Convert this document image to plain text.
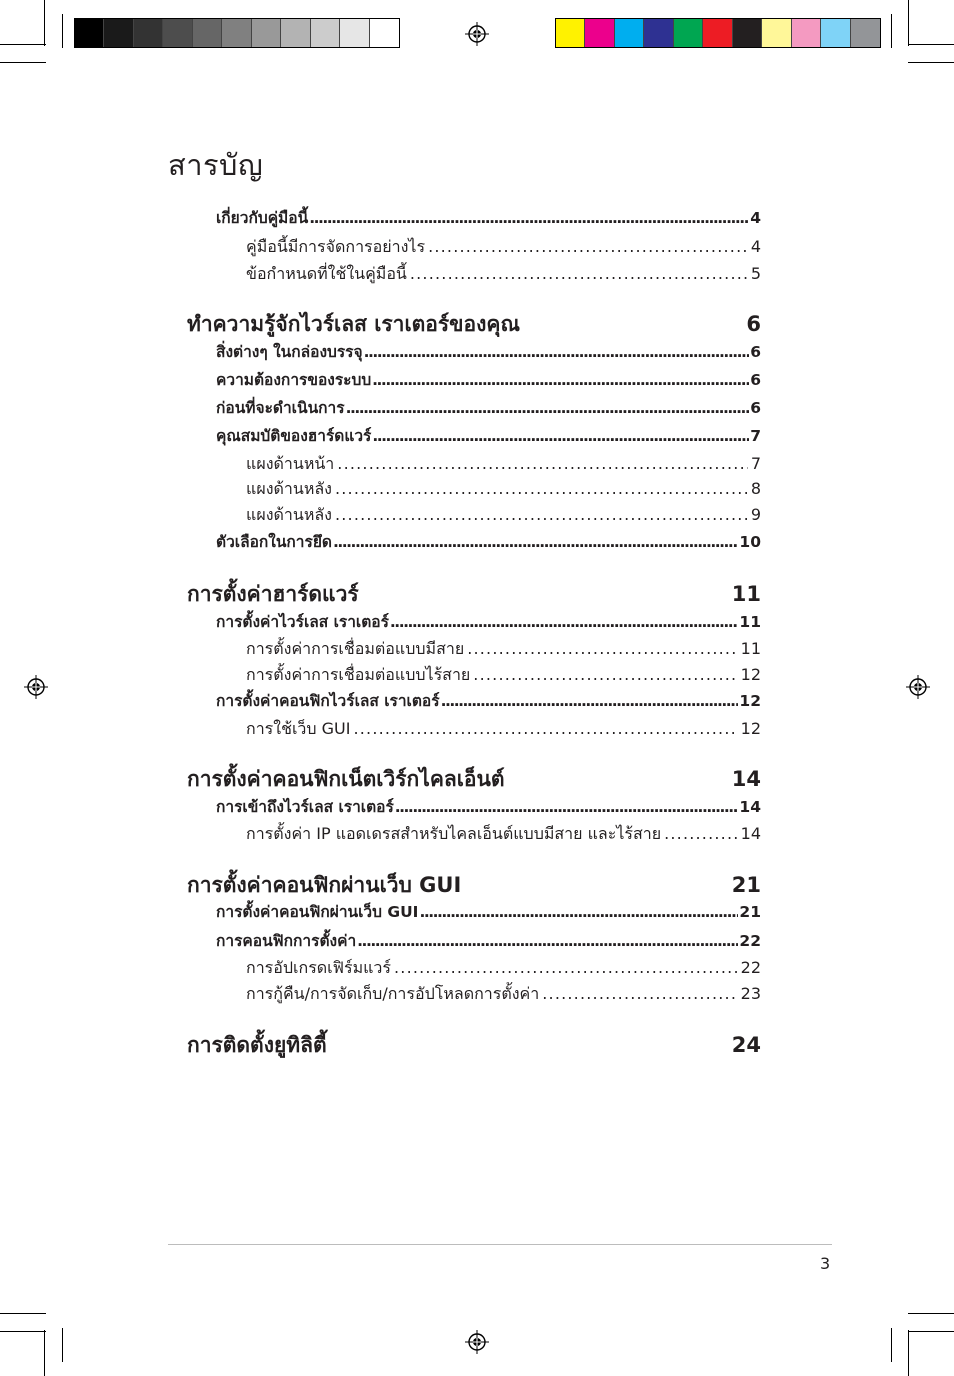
สารบัญ
เกี่ยวกับคู่มือนี้ .....	4
คู่มือนี้มีการจัดการอย่างไร .....	4
ข้อกำหนดที่ใช้ในคู่มือนี้ .....	5
ทำความรู้จักไวร์เลส เราเตอร์ของคุณ	6
สิ่งต่างๆ ในกล่องบรรจุ .....	6
ความต้องการของระบบ .....	6
ก่อนที่จะดำเนินการ .....	6
คุณสมบัติของฮาร์ดแวร์ .....	7
แผงด้านหน้า .....	7
แผงด้านหลัง .....	8
แผงด้านหลัง .....	9
ตัวเลือกในการยึด .....	10
การตั้งค่าฮาร์ดแวร์	11
การตั้งค่าไวร์เลส เราเตอร์ .....	11
การตั้งค่าการเชื่อมต่อแบบมีสาย .....	11
การตั้งค่าการเชื่อมต่อแบบไร้สาย .....	12
การตั้งค่าคอนฟิกไวร์เลส เราเตอร์ .....	12
การใช้เว็บ GUI .....	12
การตั้งค่าคอนฟิกเน็ตเวิร์กไคลเอ็นต์	14
การเข้าถึงไวร์เลส เราเตอร์ .....	14
การตั้งค่า IP แอดเดรสสำหรับไคลเอ็นต์แบบมีสาย และไร้สาย .....	14
การตั้งค่าคอนฟิกผ่านเว็บ GUI	21
การตั้งค่าคอนฟิกผ่านเว็บ GUI .....	21
การคอนฟิกการตั้งค่า .....	22
การอัปเกรดเฟิร์มแวร์ .....	22
การกู้คืน/การจัดเก็บ/การอัปโหลดการตั้งค่า .....	23
การติดตั้งยูทิลิตี้	24
3
